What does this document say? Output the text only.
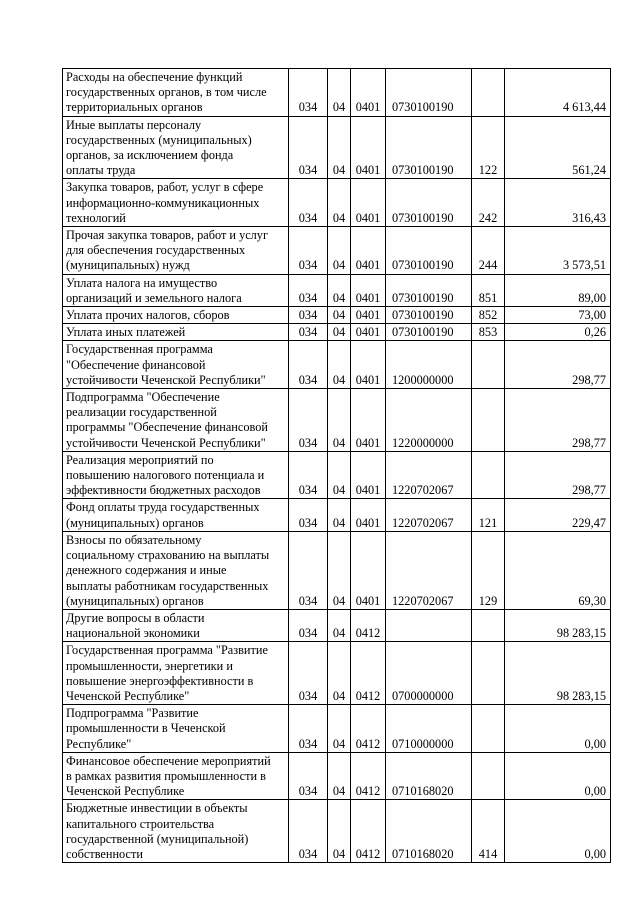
Расходы на обеспечение функций
государственных органов, в том числе
территориальных органов	034	04	0401	0730100190		4 613,44
Иные выплаты персоналу
государственных (муниципальных)
органов, за исключением фонда
оплаты труда	034	04	0401	0730100190	122	561,24
Закупка товаров, работ, услуг в сфере
информационно-коммуникационных
технологий	034	04	0401	0730100190	242	316,43
Прочая закупка товаров, работ и услуг
для обеспечения государственных
(муниципальных) нужд	034	04	0401	0730100190	244	3 573,51
Уплата налога на имущество
организаций и земельного налога	034	04	0401	0730100190	851	89,00
Уплата прочих налогов, сборов	034	04	0401	0730100190	852	73,00
Уплата иных платежей	034	04	0401	0730100190	853	0,26
Государственная программа
"Обеспечение финансовой
устойчивости Чеченской Республики"	034	04	0401	1200000000		298,77
Подпрограмма "Обеспечение
реализации государственной
программы "Обеспечение финансовой
устойчивости Чеченской Республики"	034	04	0401	1220000000		298,77
Реализация мероприятий по
повышению налогового потенциала и
эффективности бюджетных расходов	034	04	0401	1220702067		298,77
Фонд оплаты труда государственных
(муниципальных) органов	034	04	0401	1220702067	121	229,47
Взносы по обязательному
социальному страхованию на выплаты
денежного содержания и иные
выплаты работникам государственных
(муниципальных) органов	034	04	0401	1220702067	129	69,30
Другие вопросы в области
национальной экономики	034	04	0412			98 283,15
Государственная программа "Развитие
промышленности, энергетики и
повышение энергоэффективности в
Чеченской Республике"	034	04	0412	0700000000		98 283,15
Подпрограмма "Развитие
промышленности в Чеченской
Республике"	034	04	0412	0710000000		0,00
Финансовое обеспечение мероприятий
в рамках развития промышленности в
Чеченской Республике	034	04	0412	0710168020		0,00
Бюджетные инвестиции в объекты
капитального строительства
государственной (муниципальной)
собственности	034	04	0412	0710168020	414	0,00
